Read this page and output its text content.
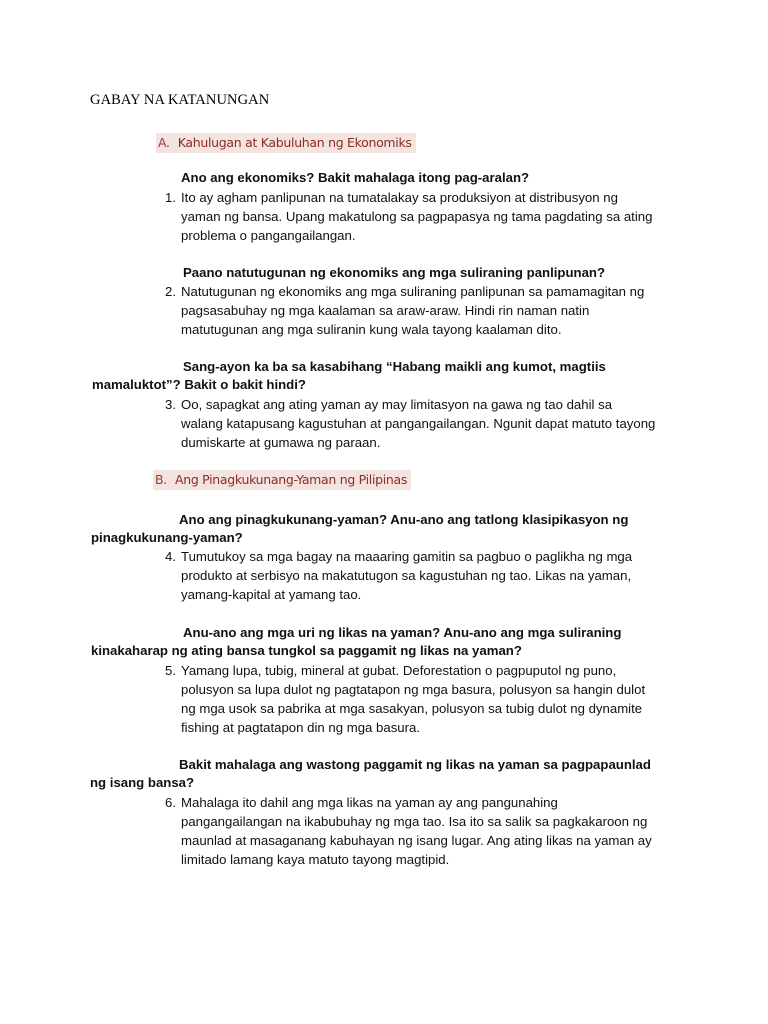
GABAY NA KATANUNGAN
A. Kahulugan at Kabuluhan ng Ekonomiks
Ano ang ekonomiks? Bakit mahalaga itong pag-aralan?
1. Ito ay agham panlipunan na tumatalakay sa produksiyon at distribusyon ng
yaman ng bansa. Upang makatulong sa pagpapasya ng tama pagdating sa ating
problema o pangangailangan.
Paano natutugunan ng ekonomiks ang mga suliraning panlipunan?
2. Natutugunan ng ekonomiks ang mga suliraning panlipunan sa pamamagitan ng
pagsasabuhay ng mga kaalaman sa araw-araw. Hindi rin naman natin
matutugunan ang mga suliranin kung wala tayong kaalaman dito.
Sang-ayon ka ba sa kasabihang “Habang maikli ang kumot, magtiis
mamaluktot”? Bakit o bakit hindi?
3. Oo, sapagkat ang ating yaman ay may limitasyon na gawa ng tao dahil sa
walang katapusang kagustuhan at pangangailangan. Ngunit dapat matuto tayong
dumiskarte at gumawa ng paraan.
B. Ang Pinagkukunang-Yaman ng Pilipinas
Ano ang pinagkukunang-yaman? Anu-ano ang tatlong klasipikasyon ng
pinagkukunang-yaman?
4. Tumutukoy sa mga bagay na maaaring gamitin sa pagbuo o paglikha ng mga
produkto at serbisyo na makatutugon sa kagustuhan ng tao. Likas na yaman,
yamang-kapital at yamang tao.
Anu-ano ang mga uri ng likas na yaman? Anu-ano ang mga suliraning
kinakaharap ng ating bansa tungkol sa paggamit ng likas na yaman?
5. Yamang lupa, tubig, mineral at gubat. Deforestation o pagpuputol ng puno,
polusyon sa lupa dulot ng pagtatapon ng mga basura, polusyon sa hangin dulot
ng mga usok sa pabrika at mga sasakyan, polusyon sa tubig dulot ng dynamite
fishing at pagtatapon din ng mga basura.
Bakit mahalaga ang wastong paggamit ng likas na yaman sa pagpapaunlad
ng isang bansa?
6. Mahalaga ito dahil ang mga likas na yaman ay ang pangunahing
pangangailangan na ikabubuhay ng mga tao. Isa ito sa salik sa pagkakaroon ng
maunlad at masaganang kabuhayan ng isang lugar. Ang ating likas na yaman ay
limitado lamang kaya matuto tayong magtipid.
